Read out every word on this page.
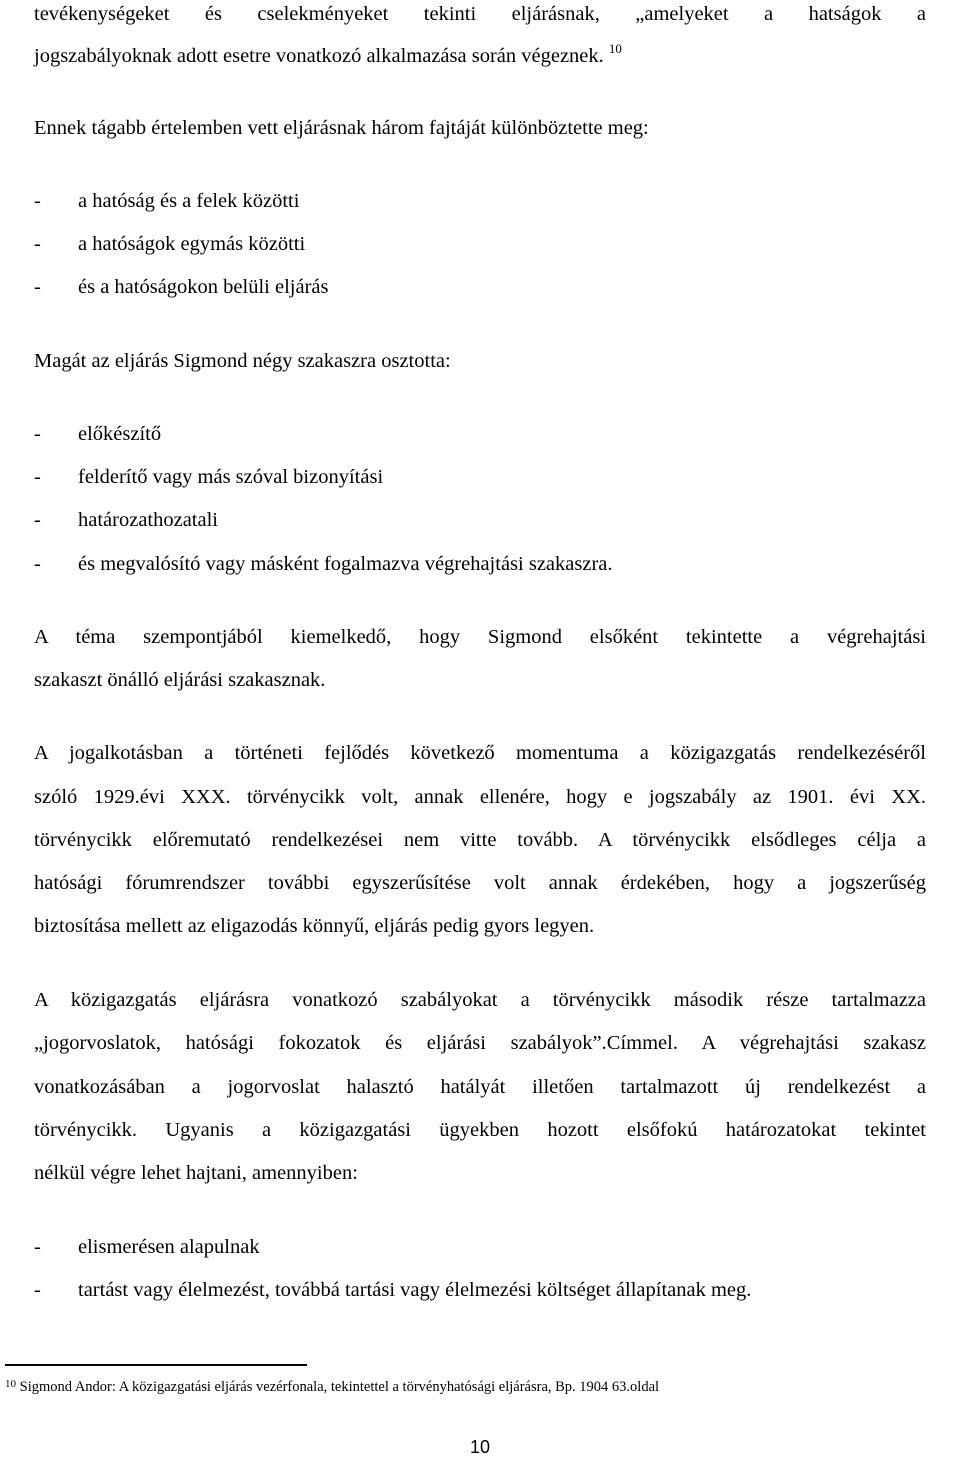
tevékenységeket és cselekményeket tekinti eljárásnak, „amelyeket a hatságok a
jogszabályoknak adott esetre vonatkozó alkalmazása során végeznek. $^{10}$
Ennek tágabb értelemben vett eljárásnak három fajtáját különböztette meg:
- a hatóság és a felek közötti
- a hatóságok egymás közötti
- és a hatóságokon belüli eljárás
Magát az eljárás Sigmond négy szakaszra osztotta:
- előkészítő
- felderítő vagy más szóval bizonyítási
- határozathozatali
- és megvalósító vagy másként fogalmazva végrehajtási szakaszra.
A téma szempontjából kiemelkedő, hogy Sigmond elsőként tekintette a végrehajtási
szakaszt önálló eljárási szakasznak.
A jogalkotásban a történeti fejlődés következő momentuma a közigazgatás rendelkezéséről
szóló 1929.évi XXX. törvénycikk volt, annak ellenére, hogy e jogszabály az 1901. évi XX.
törvénycikk előremutató rendelkezései nem vitte tovább. A törvénycikk elsődleges célja a
hatósági fórumrendszer további egyszerűsítése volt annak érdekében, hogy a jogszerűség
biztosítása mellett az eligazodás könnyű, eljárás pedig gyors legyen.
A közigazgatás eljárásra vonatkozó szabályokat a törvénycikk második része tartalmazza
„jogorvoslatok, hatósági fokozatok és eljárási szabályok”.Címmel. A végrehajtási szakasz
vonatkozásában a jogorvoslat halasztó hatályát illetően tartalmazott új rendelkezést a
törvénycikk. Ugyanis a közigazgatási ügyekben hozott elsőfokú határozatokat tekintet
nélkül végre lehet hajtani, amennyiben:
- elismerésen alapulnak
- tartást vagy élelmezést, továbbá tartási vagy élelmezési költséget állapítanak meg.
$^{10}$ Sigmond Andor: A közigazgatási eljárás vezérfonala, tekintettel a törvényhatósági eljárásra, Bp. 1904 63.oldal
10
